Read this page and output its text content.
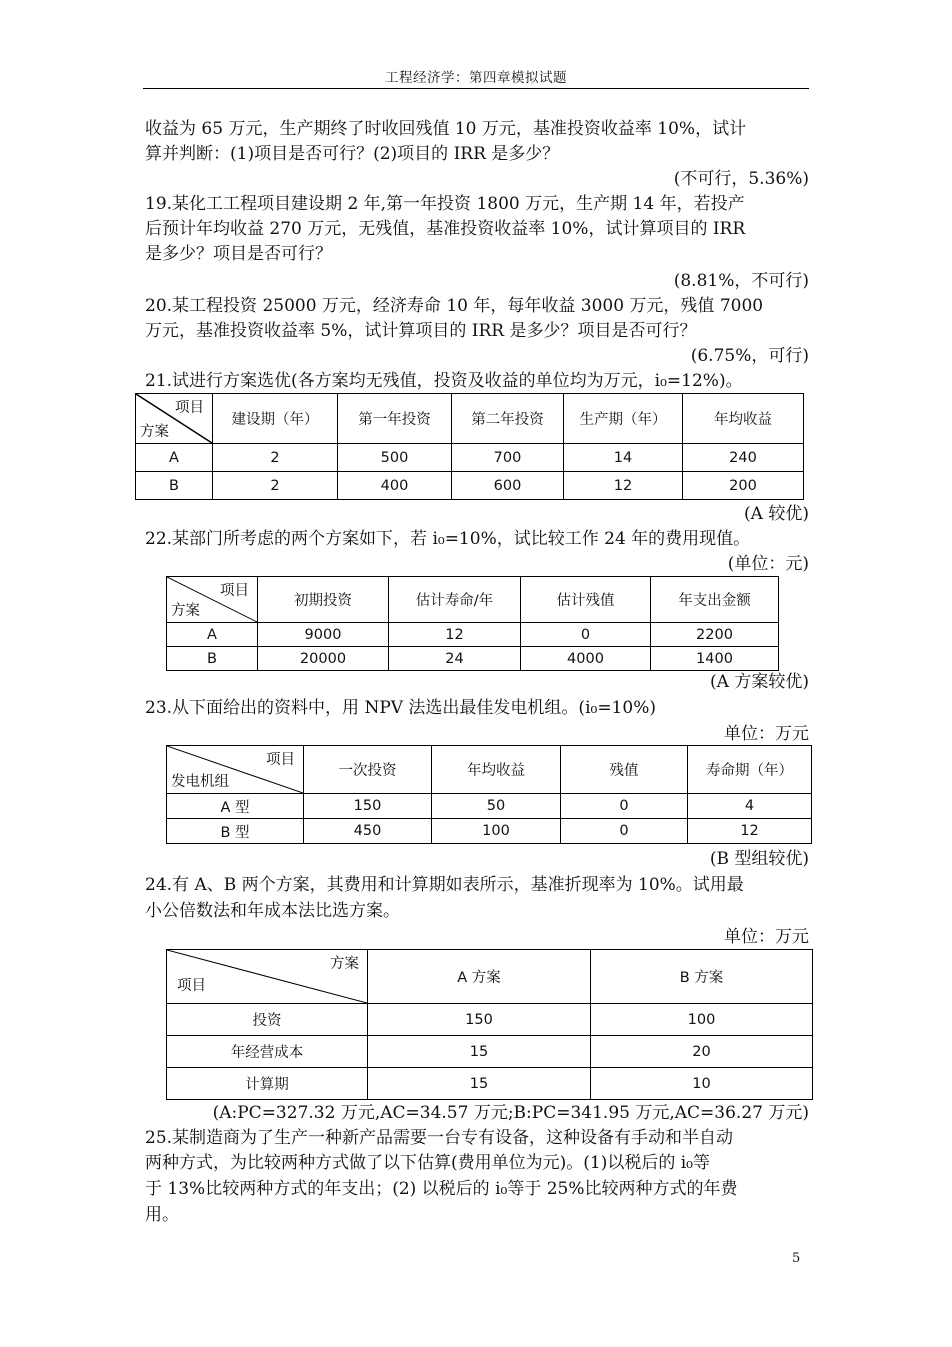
工程经济学：第四章模拟试题
收益为 65 万元，生产期终了时收回残值 10 万元，基准投资收益率 10%，试计
算并判断：(1)项目是否可行？(2)项目的 IRR 是多少？
(不可行，5.36%)
19.某化工工程项目建设期 2 年,第一年投资 1800 万元，生产期 14 年，若投产
后预计年均收益 270 万元，无残值，基准投资收益率 10%，试计算项目的 IRR
是多少？项目是否可行？
(8.81%，不可行)
20.某工程投资 25000 万元，经济寿命 10 年，每年收益 3000 万元，残值 7000
万元，基准投资收益率 5%，试计算项目的 IRR 是多少？项目是否可行？
(6.75%，可行)
21.试进行方案选优(各方案均无残值，投资及收益的单位均为万元，i₀=12%)。
项目
方案	建设期（年）	第一年投资	第二年投资	生产期（年）	年均收益
A	2	500	700	14	240
B	2	400	600	12	200
(A 较优)
22.某部门所考虑的两个方案如下，若 i₀=10%，试比较工作 24 年的费用现值。
(单位：元)
项目
方案	初期投资	估计寿命/年	估计残值	年支出金额
A	9000	12	0	2200
B	20000	24	4000	1400
(A 方案较优)
23.从下面给出的资料中，用 NPV 法选出最佳发电机组。(i₀=10%)
单位：万元
项目
发电机组	一次投资	年均收益	残值	寿命期（年）
A 型	150	50	0	4
B 型	450	100	0	12
(B 型组较优)
24.有 A、B 两个方案，其费用和计算期如表所示，基准折现率为 10%。试用最
小公倍数法和年成本法比选方案。
单位：万元
方案
项目	A 方案	B 方案
投资	150	100
年经营成本	15	20
计算期	15	10
(A:PC=327.32 万元,AC=34.57 万元;B:PC=341.95 万元,AC=36.27 万元)
25.某制造商为了生产一种新产品需要一台专有设备，这种设备有手动和半自动
两种方式，为比较两种方式做了以下估算(费用单位为元)。(1)以税后的 i₀等
于 13%比较两种方式的年支出；(2) 以税后的 i₀等于 25%比较两种方式的年费
用。
5
